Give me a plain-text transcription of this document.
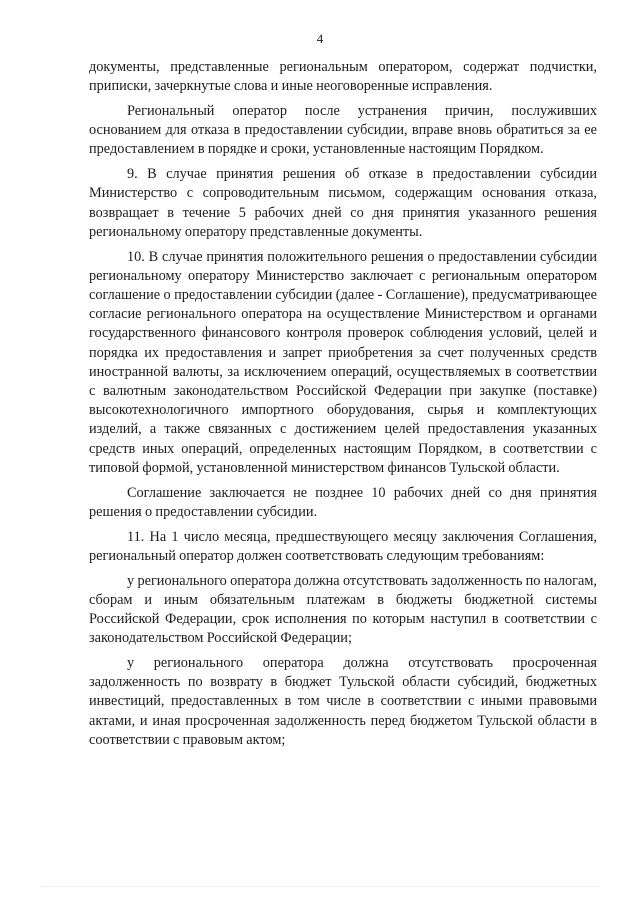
4

документы, представленные региональным оператором, содержат подчистки, приписки, зачеркнутые слова и иные неоговоренные исправления.

Региональный оператор после устранения причин, послуживших основанием для отказа в предоставлении субсидии, вправе вновь обратиться за ее предоставлением в порядке и сроки, установленные настоящим Порядком.

9. В случае принятия решения об отказе в предоставлении субсидии Министерство с сопроводительным письмом, содержащим основания отказа, возвращает в течение 5 рабочих дней со дня принятия указанного решения региональному оператору представленные документы.

10. В случае принятия положительного решения о предоставлении субсидии региональному оператору Министерство заключает с региональным оператором соглашение о предоставлении субсидии (далее - Соглашение), предусматривающее согласие регионального оператора на осуществление Министерством и органами государственного финансового контроля проверок соблюдения условий, целей и порядка их предоставления и запрет приобретения за счет полученных средств иностранной валюты, за исключением операций, осуществляемых в соответствии с валютным законодательством Российской Федерации при закупке (поставке) высокотехнологичного импортного оборудования, сырья и комплектующих изделий, а также связанных с достижением целей предоставления указанных средств иных операций, определенных настоящим Порядком, в соответствии с типовой формой, установленной министерством финансов Тульской области.

Соглашение заключается не позднее 10 рабочих дней со дня принятия решения о предоставлении субсидии.

11. На 1 число месяца, предшествующего месяцу заключения Соглашения, региональный оператор должен соответствовать следующим требованиям:

у регионального оператора должна отсутствовать задолженность по налогам, сборам и иным обязательным платежам в бюджеты бюджетной системы Российской Федерации, срок исполнения по которым наступил в соответствии с законодательством Российской Федерации;

у регионального оператора должна отсутствовать просроченная задолженность по возврату в бюджет Тульской области субсидий, бюджетных инвестиций, предоставленных в том числе в соответствии с иными правовыми актами, и иная просроченная задолженность перед бюджетом Тульской области в соответствии с правовым актом;
